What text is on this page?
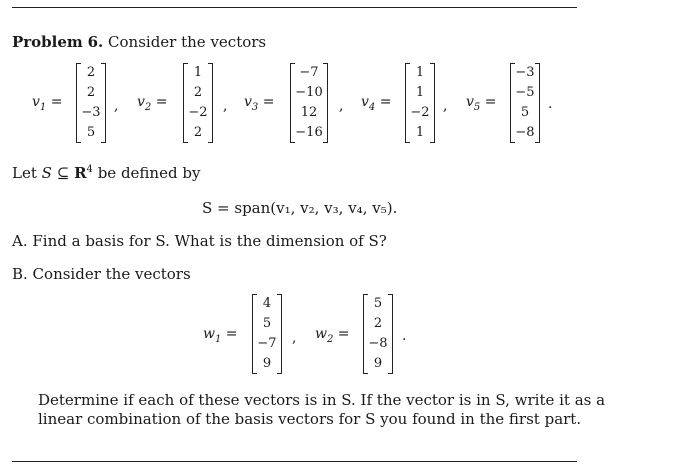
Problem 6. Consider the vectors
$v_1$ =
2
2
−3
5
, $v_2$ =
1
2
−2
2
, $v_3$ =
−7
−10
12
−16
, $v_4$ =
1
1
−2
1
, $v_5$ =
−3
−5
5
−8
.
Let S ⊆ $R^4$ be defined by
S = span(v₁, v₂, v₃, v₄, v₅).
A. Find a basis for S. What is the dimension of S?
B. Consider the vectors
$w_1$ =
4
5
−7
9
, $w_2$ =
5
2
−8
9
.
Determine if each of these vectors is in S. If the vector is in S, write it as a
linear combination of the basis vectors for S you found in the first part.
